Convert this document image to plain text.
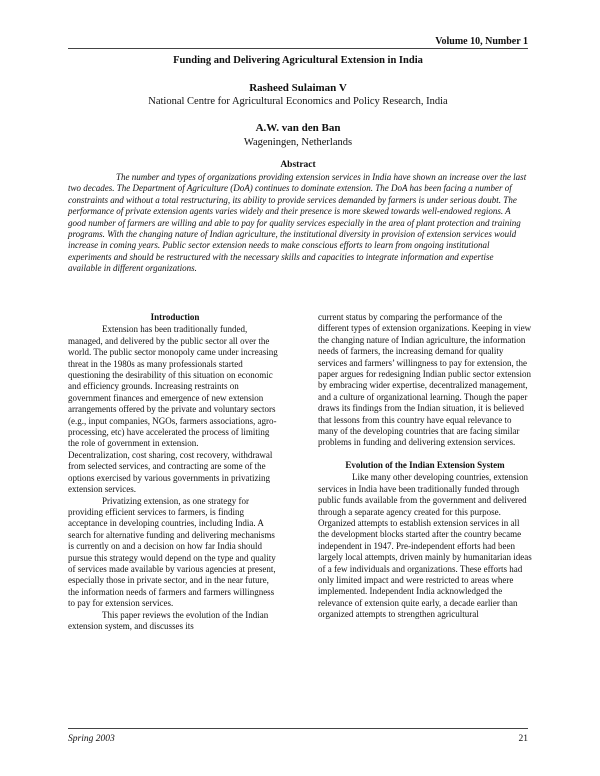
Volume 10, Number 1
Funding and Delivering Agricultural Extension in India
Rasheed Sulaiman V
National Centre for Agricultural Economics and Policy Research, India
A.W. van den Ban
Wageningen, Netherlands
Abstract
The number and types of organizations providing extension services in India have shown an increase over the last two decades. The Department of Agriculture (DoA) continues to dominate extension. The DoA has been facing a number of constraints and without a total restructuring, its ability to provide services demanded by farmers is under serious doubt. The performance of private extension agents varies widely and their presence is more skewed towards well-endowed regions. A good number of farmers are willing and able to pay for quality services especially in the area of plant protection and training programs. With the changing nature of Indian agriculture, the institutional diversity in provision of extension services would increase in coming years. Public sector extension needs to make conscious efforts to learn from ongoing institutional experiments and should be restructured with the necessary skills and capacities to integrate information and expertise available in different organizations.
Introduction

Extension has been traditionally funded, managed, and delivered by the public sector all over the world. The public sector monopoly came under increasing threat in the 1980s as many professionals started questioning the desirability of this situation on economic and efficiency grounds. Increasing restraints on government finances and emergence of new extension arrangements offered by the private and voluntary sectors (e.g., input companies, NGOs, farmers associations, agro-processing, etc) have accelerated the process of limiting the role of government in extension.

Decentralization, cost sharing, cost recovery, withdrawal from selected services, and contracting are some of the options exercised by various governments in privatizing extension services.

Privatizing extension, as one strategy for providing efficient services to farmers, is finding acceptance in developing countries, including India. A search for alternative funding and delivering mechanisms is currently on and a decision on how far India should pursue this strategy would depend on the type and quality of services made available by various agencies at present, especially those in private sector, and in the near future, the information needs of farmers and farmers willingness to pay for extension services.

This paper reviews the evolution of the Indian extension system, and discusses its

current status by comparing the performance of the different types of extension organizations. Keeping in view the changing nature of Indian agriculture, the information needs of farmers, the increasing demand for quality services and farmers’ willingness to pay for extension, the paper argues for redesigning Indian public sector extension by embracing wider expertise, decentralized management, and a culture of organizational learning. Though the paper draws its findings from the Indian situation, it is believed that lessons from this country have equal relevance to many of the developing countries that are facing similar problems in funding and delivering extension services.

Evolution of the Indian Extension System

Like many other developing countries, extension services in India have been traditionally funded through public funds available from the government and delivered through a separate agency created for this purpose. Organized attempts to establish extension services in all the development blocks started after the country became independent in 1947. Pre-independent efforts had been largely local attempts, driven mainly by humanitarian ideas of a few individuals and organizations. These efforts had only limited impact and were restricted to areas where implemented. Independent India acknowledged the relevance of extension quite early, a decade earlier than organized attempts to strengthen agricultural

Spring 2003	21
